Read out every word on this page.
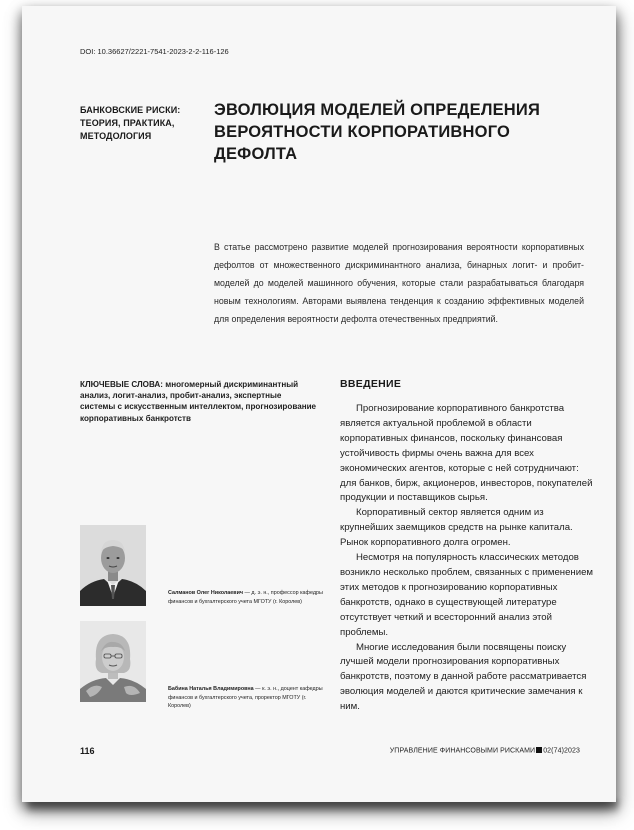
DOI: 10.36627/2221-7541-2023-2-2-116-126
БАНКОВСКИЕ РИСКИ: ТЕОРИЯ, ПРАКТИКА, МЕТОДОЛОГИЯ
ЭВОЛЮЦИЯ МОДЕЛЕЙ ОПРЕДЕЛЕНИЯ ВЕРОЯТНОСТИ КОРПОРАТИВНОГО ДЕФОЛТА
В статье рассмотрено развитие моделей прогнозирования вероятности корпоративных дефолтов от множественного дискриминантного анализа, бинарных логит- и пробит-моделей до моделей машинного обучения, которые стали разрабатываться благодаря новым технологиям. Авторами выявлена тенденция к созданию эффективных моделей для определения вероятности дефолта отечественных предприятий.
КЛЮЧЕВЫЕ СЛОВА: многомерный дискриминантный анализ, логит-анализ, пробит-анализ, экспертные системы с искусственным интеллектом, прогнозирование корпоративных банкротств
ВВЕДЕНИЕ

Прогнозирование корпоративного банкротства является актуальной проблемой в области корпоративных финансов, поскольку финансовая устойчивость фирмы очень важна для всех экономических агентов, которые с ней сотрудничают: для банков, бирж, акционеров, инвесторов, покупателей продукции и поставщиков сырья.

Корпоративный сектор является одним из крупнейших заемщиков средств на рынке капитала. Рынок корпоративного долга огромен.

Несмотря на популярность классических методов возникло несколько проблем, связанных с применением этих методов к прогнозированию корпоративных банкротств, однако в существующей литературе отсутствует четкий и всесторонний анализ этой проблемы.

Многие исследования были посвящены поиску лучшей модели прогнозирования корпоративных банкротств, поэтому в данной работе рассматривается эволюция моделей и даются критические замечания к ним.

Салманов Олег Николаевич — д. э. н., профессор кафедры финансов и бухгалтерского учета МГОТУ (г. Королев)
Бабина Наталья Владимировна — к. э. н., доцент кафедры финансов и бухгалтерского учета, проректор МГОТУ (г. Королев)
116	УПРАВЛЕНИЕ ФИНАНСОВЫМИ РИСКАМИ 02(74)2023
